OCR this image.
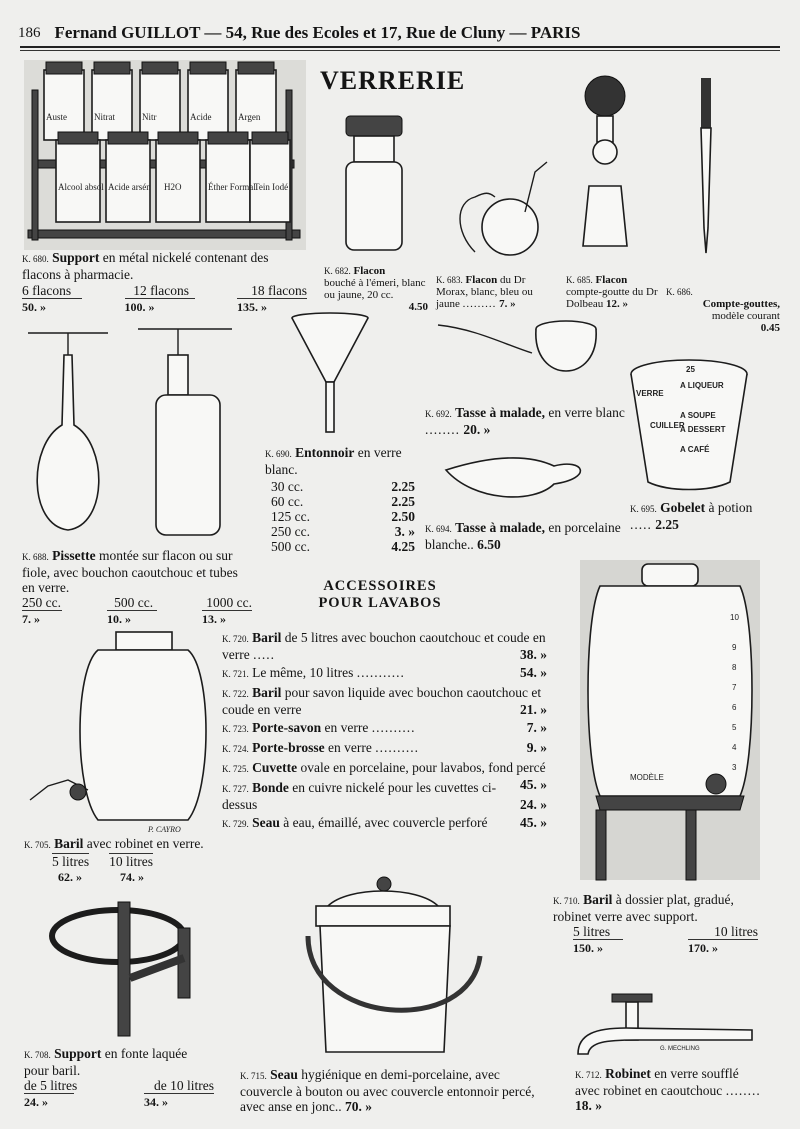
186 Fernand GUILLOT — 54, Rue des Ecoles et 17, Rue de Cluny — PARIS
VERRERIE
Auste	Nitrat	Nitr	Acide	Argen
Alcool absol Acide arsén H2O	Éther Formal
Tein Iodé
K. 680. Support en métal nickelé contenant des flacons à pharmacie.
6 flacons	12 flacons	18 flacons
50. »	100. »	135. »
K. 682. Flacon
bouché à l'émeri, blanc ou jaune, 20 cc.
4.50
K. 683. Flacon du Dr Morax, blanc, bleu ou jaune ......... 7. »
K. 685. Flacon compte-goutte du Dr Dolbeau 12. »
K. 686.
Compte-gouttes,
modèle courant
0.45
K. 688. Pissette montée sur flacon ou sur fiole, avec bouchon caoutchouc et tubes en verre.
250 cc.	500 cc.	1000 cc.
7. »	10. »	13. »
K. 690. Entonnoir en verre blanc.
30 cc.	2.25
60 cc.	2.25
125 cc.	2.50
250 cc.	3. »
500 cc.	4.25
K. 692. Tasse à malade, en verre blanc ........ 20. »
K. 694. Tasse à malade, en porcelaine blanche.. 6.50
VERRE
A LIQUEUR
A SOUPE
A DESSERT
A CAFÉ
CUILLER
25
K. 695. Gobelet à potion ..... 2.25
ACCESSOIRES
POUR LAVABOS
K. 720. Baril de 5 litres avec bouchon caoutchouc et coude en verre .....	38. »
K. 721. Le même, 10 litres ...........	54. »
K. 722. Baril pour savon liquide avec bouchon caoutchouc et coude en verre	21. »
K. 723. Porte-savon en verre ..........	7. »
K. 724. Porte-brosse en verre ..........	9. »
K. 725. Cuvette ovale en porcelaine, pour lavabos, fond percé
45. »
K. 727. Bonde en cuivre nickelé pour les cuvettes ci-dessus	24. »
K. 729. Seau à eau, émaillé, avec couvercle perforé 45. »
P. CAYRO
K. 705. Baril avec robinet en verre.
5 litres 10 litres
62. »	74. »
K. 708. Support en fonte laquée pour baril.
de 5 litres	de 10 litres
24. »	34. »
K. 715. Seau hygiénique en demi-porcelaine, avec couvercle à bouton ou avec couvercle entonnoir percé, avec anse en jonc.. 70. »
10
9
8
7
6
5
4
3
MODÈLE
K. 710. Baril à dossier plat, gradué, robinet verre avec support.
5 litres	10 litres
150. »	170. »
G. MECHLING
K. 712. Robinet en verre soufflé avec robinet en caoutchouc ........ 18. »
